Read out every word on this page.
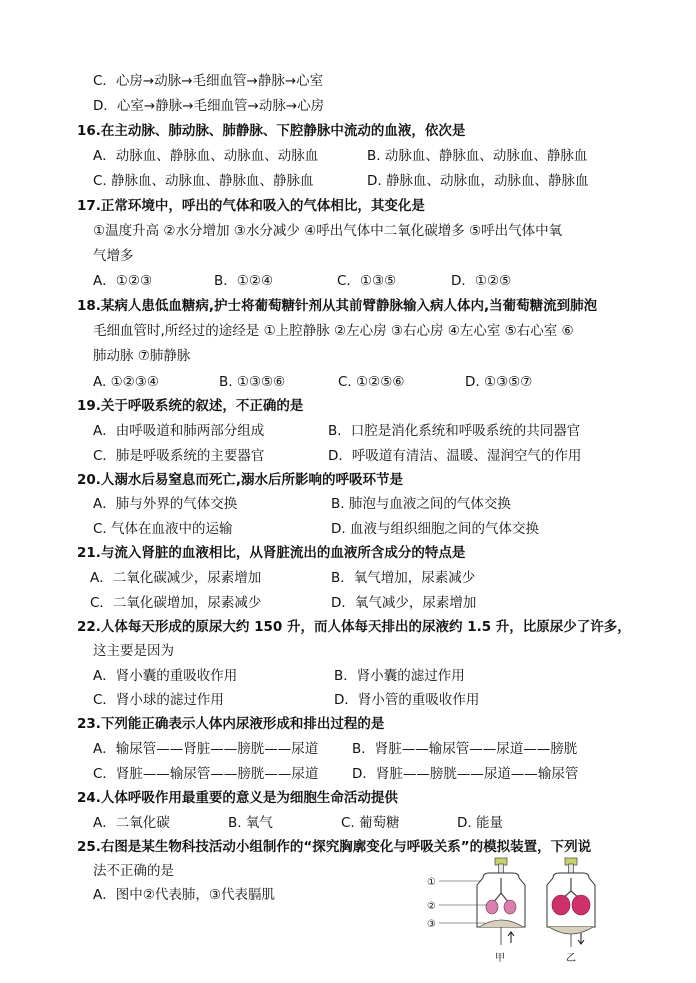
C．心房→动脉→毛细血管→静脉→心室
D．心室→静脉→毛细血管→动脉→心房
16.在主动脉、肺动脉、肺静脉、下腔静脉中流动的血液，依次是
A．动脉血、静脉血、动脉血、动脉血	B. 动脉血、静脉血、动脉血、静脉血
C. 静脉血、动脉血、静脉血、静脉血	D. 静脉血、动脉血，动脉血、静脉血
17.正常环境中，呼出的气体和吸入的气体相比，其变化是
①温度升高 ②水分增加 ③水分减少 ④呼出气体中二氧化碳增多 ⑤呼出气体中氧
气增多
A．①②③	B．①②④	C．①③⑤	D．①②⑤
18.某病人患低血糖病,护士将葡萄糖针剂从其前臂静脉输入病人体内,当葡萄糖流到肺泡
毛细血管时,所经过的途经是 ①上腔静脉 ②左心房 ③右心房 ④左心室 ⑤右心室 ⑥
肺动脉 ⑦肺静脉
A. ①②③④	B. ①③⑤⑥	C. ①②⑤⑥	D. ①③⑤⑦
19.关于呼吸系统的叙述，不正确的是
A．由呼吸道和肺两部分组成	B．口腔是消化系统和呼吸系统的共同器官
C．肺是呼吸系统的主要器官	D．呼吸道有清洁、温暖、湿润空气的作用
20.人溺水后易窒息而死亡,溺水后所影响的呼吸环节是
A．肺与外界的气体交换	B. 肺泡与血液之间的气体交换
C. 气体在血液中的运输	D. 血液与组织细胞之间的气体交换
21.与流入肾脏的血液相比，从肾脏流出的血液所含成分的特点是
A．二氧化碳减少，尿素增加	B．氧气增加，尿素减少
C．二氧化碳增加，尿素减少	D．氧气减少，尿素增加
22.人体每天形成的原尿大约 150 升，而人体每天排出的尿液约 1.5 升，比原尿少了许多，
这主要是因为
A．肾小囊的重吸收作用	B．肾小囊的滤过作用
C．肾小球的滤过作用	D．肾小管的重吸收作用
23.下列能正确表示人体内尿液形成和排出过程的是
A．输尿管——肾脏——膀胱——尿道	B．肾脏——输尿管——尿道——膀胱
C．肾脏——输尿管——膀胱——尿道 D．肾脏——膀胱——尿道——输尿管
24.人体呼吸作用最重要的意义是为细胞生命活动提供
A．二氧化碳	B. 氧气	C. 葡萄糖	D. 能量
25.右图是某生物科技活动小组制作的“探究胸廓变化与呼吸关系”的模拟装置，下列说
法不正确的是
A．图中②代表肺，③代表膈肌
①
②
③
甲	乙
